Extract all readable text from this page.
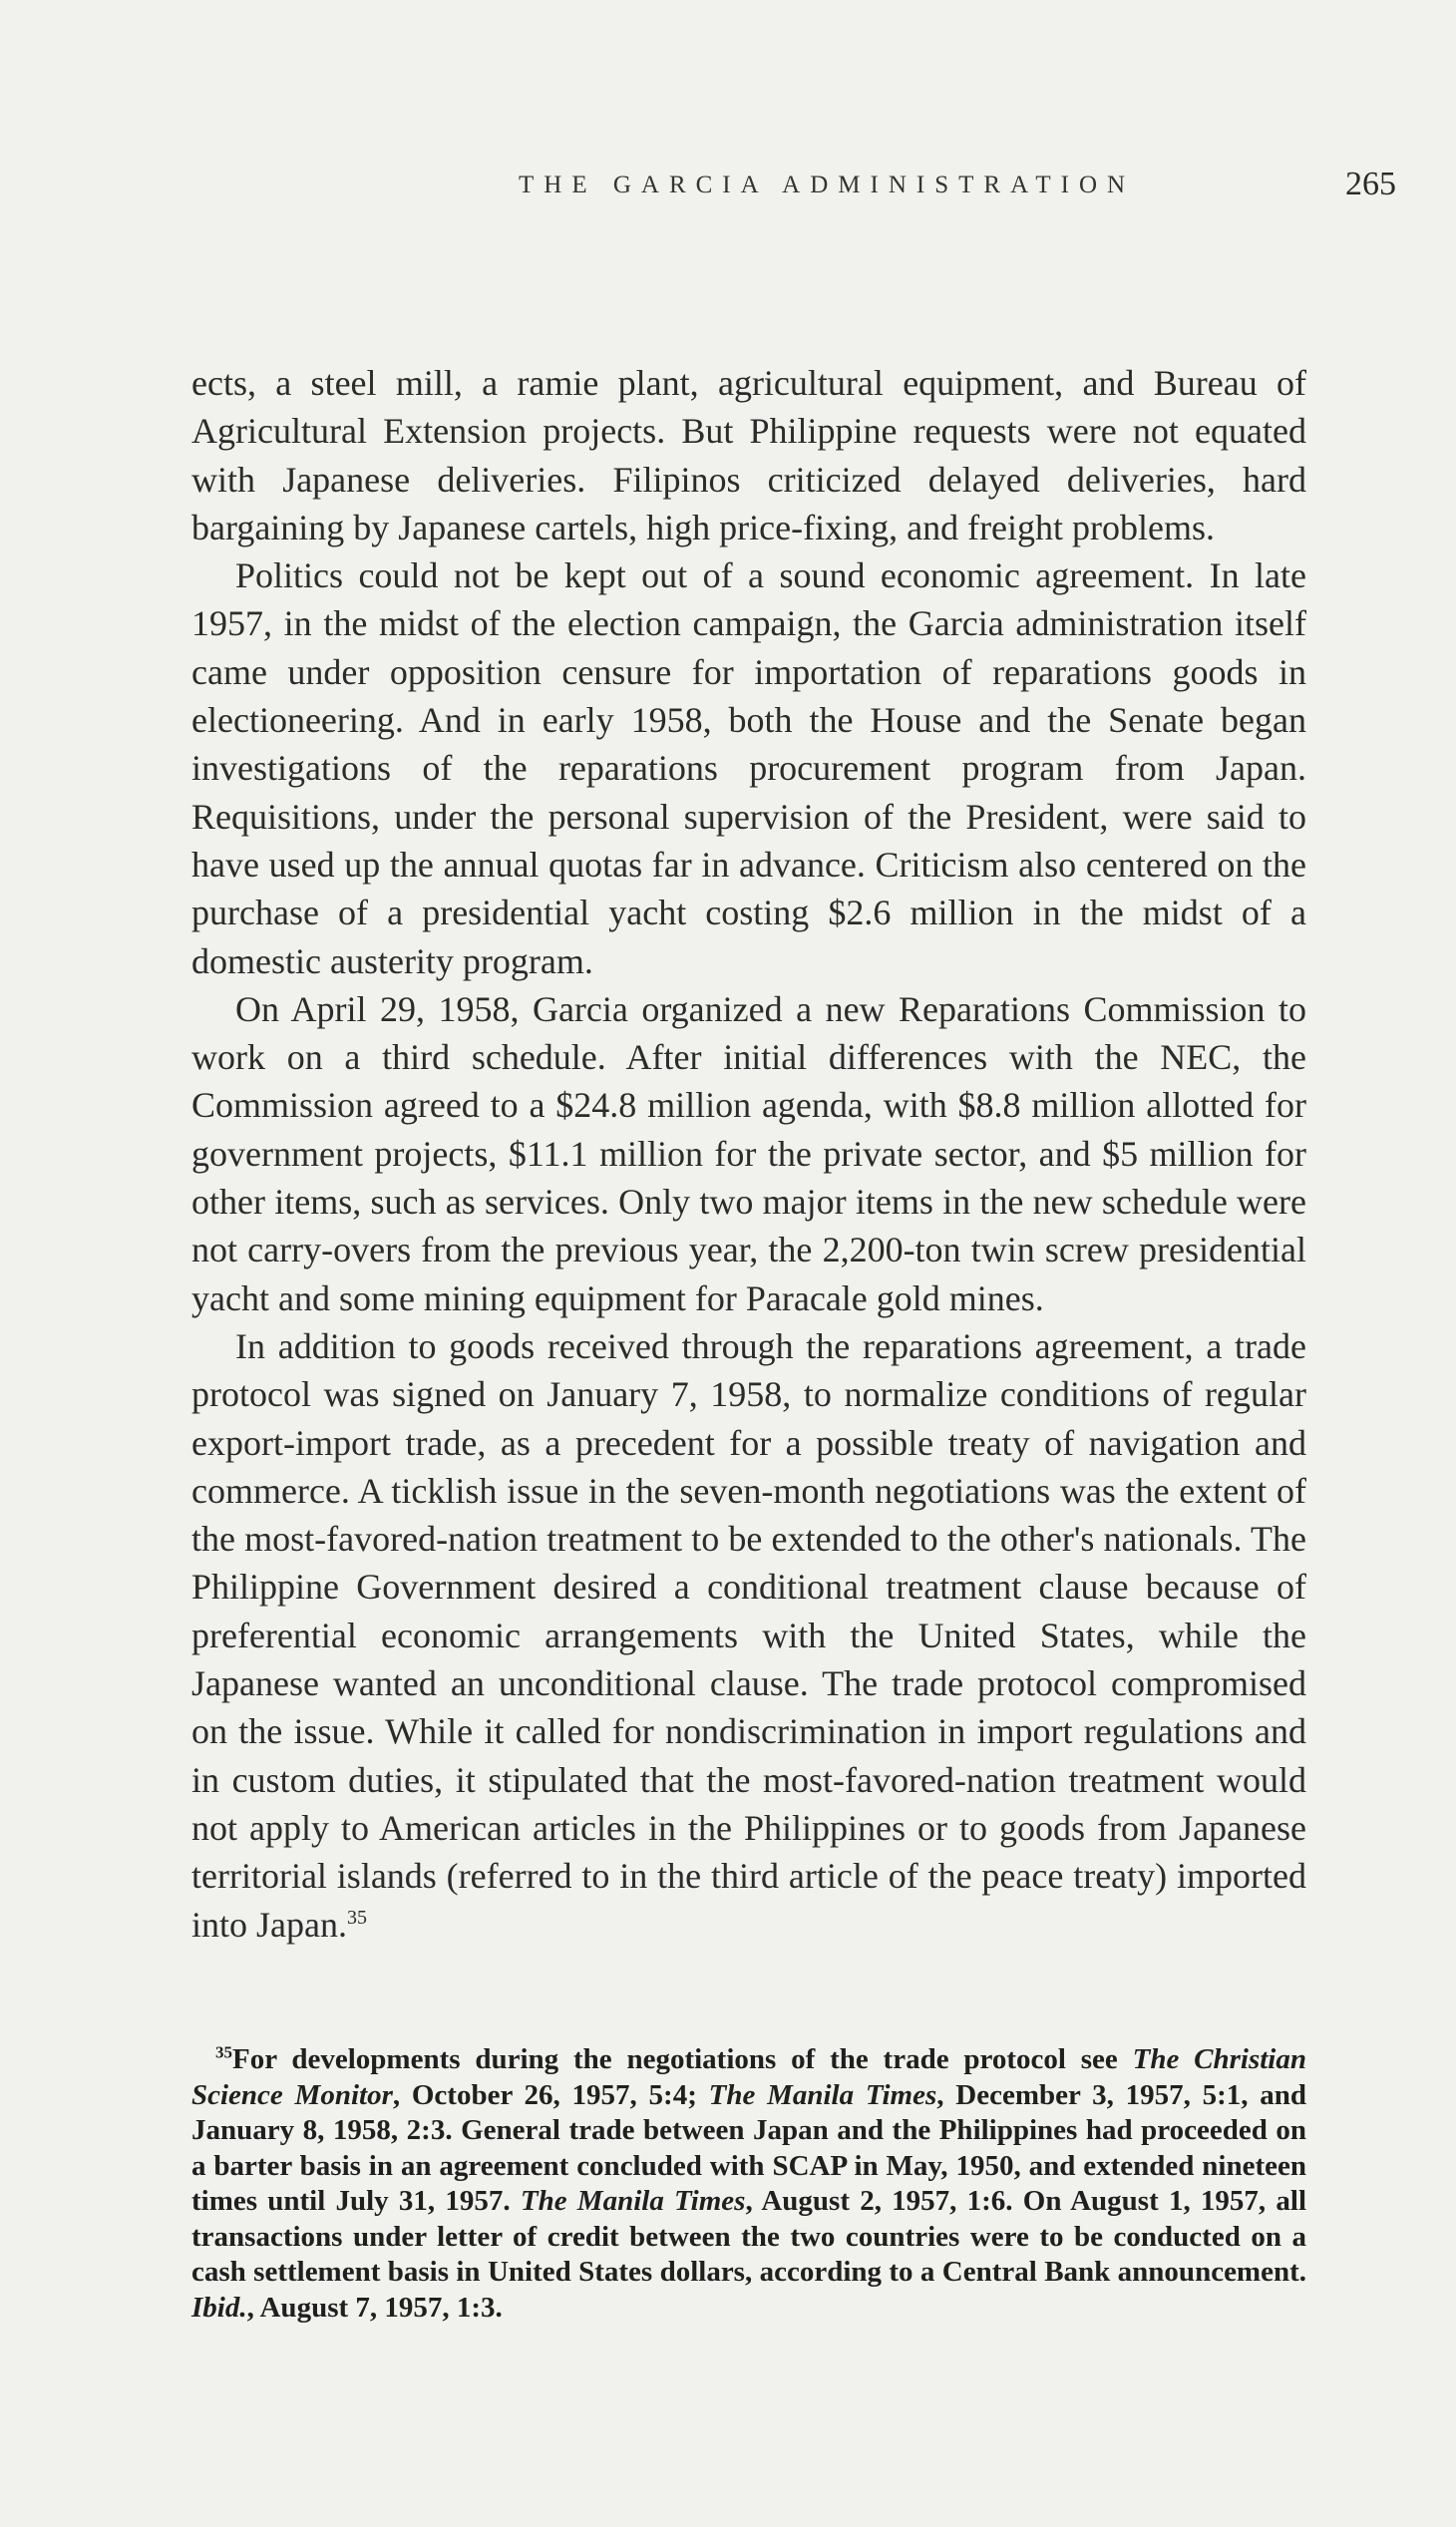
THE GARCIA ADMINISTRATION	265

ects, a steel mill, a ramie plant, agricultural equipment, and Bureau of Agricultural Extension projects. But Philippine requests were not equated with Japanese deliveries. Filipinos criticized delayed deliveries, hard bargaining by Japanese cartels, high price-fixing, and freight problems.

Politics could not be kept out of a sound economic agreement. In late 1957, in the midst of the election campaign, the Garcia administration itself came under opposition censure for importation of reparations goods in electioneering. And in early 1958, both the House and the Senate began investigations of the reparations procurement program from Japan. Requisitions, under the personal supervision of the President, were said to have used up the annual quotas far in advance. Criticism also centered on the purchase of a presidential yacht costing $2.6 million in the midst of a domestic austerity program.

On April 29, 1958, Garcia organized a new Reparations Commission to work on a third schedule. After initial differences with the NEC, the Commission agreed to a $24.8 million agenda, with $8.8 million allotted for government projects, $11.1 million for the private sector, and $5 million for other items, such as services. Only two major items in the new schedule were not carry-overs from the previous year, the 2,200-ton twin screw presidential yacht and some mining equipment for Paracale gold mines.

In addition to goods received through the reparations agreement, a trade protocol was signed on January 7, 1958, to normalize conditions of regular export-import trade, as a precedent for a possible treaty of navigation and commerce. A ticklish issue in the seven-month negotiations was the extent of the most-favored-nation treatment to be extended to the other's nationals. The Philippine Government desired a conditional treatment clause because of preferential economic arrangements with the United States, while the Japanese wanted an unconditional clause. The trade protocol compromised on the issue. While it called for nondiscrimination in import regulations and in custom duties, it stipulated that the most-favored-nation treatment would not apply to American articles in the Philippines or to goods from Japanese territorial islands (referred to in the third article of the peace treaty) imported into Japan.$^{35}$

$^{35}$For developments during the negotiations of the trade protocol see The Christian Science Monitor, October 26, 1957, 5:4; The Manila Times, December 3, 1957, 5:1, and January 8, 1958, 2:3. General trade between Japan and the Philippines had proceeded on a barter basis in an agreement concluded with SCAP in May, 1950, and extended nineteen times until July 31, 1957. The Manila Times, August 2, 1957, 1:6. On August 1, 1957, all transactions under letter of credit between the two countries were to be conducted on a cash settlement basis in United States dollars, according to a Central Bank announcement. Ibid., August 7, 1957, 1:3.
